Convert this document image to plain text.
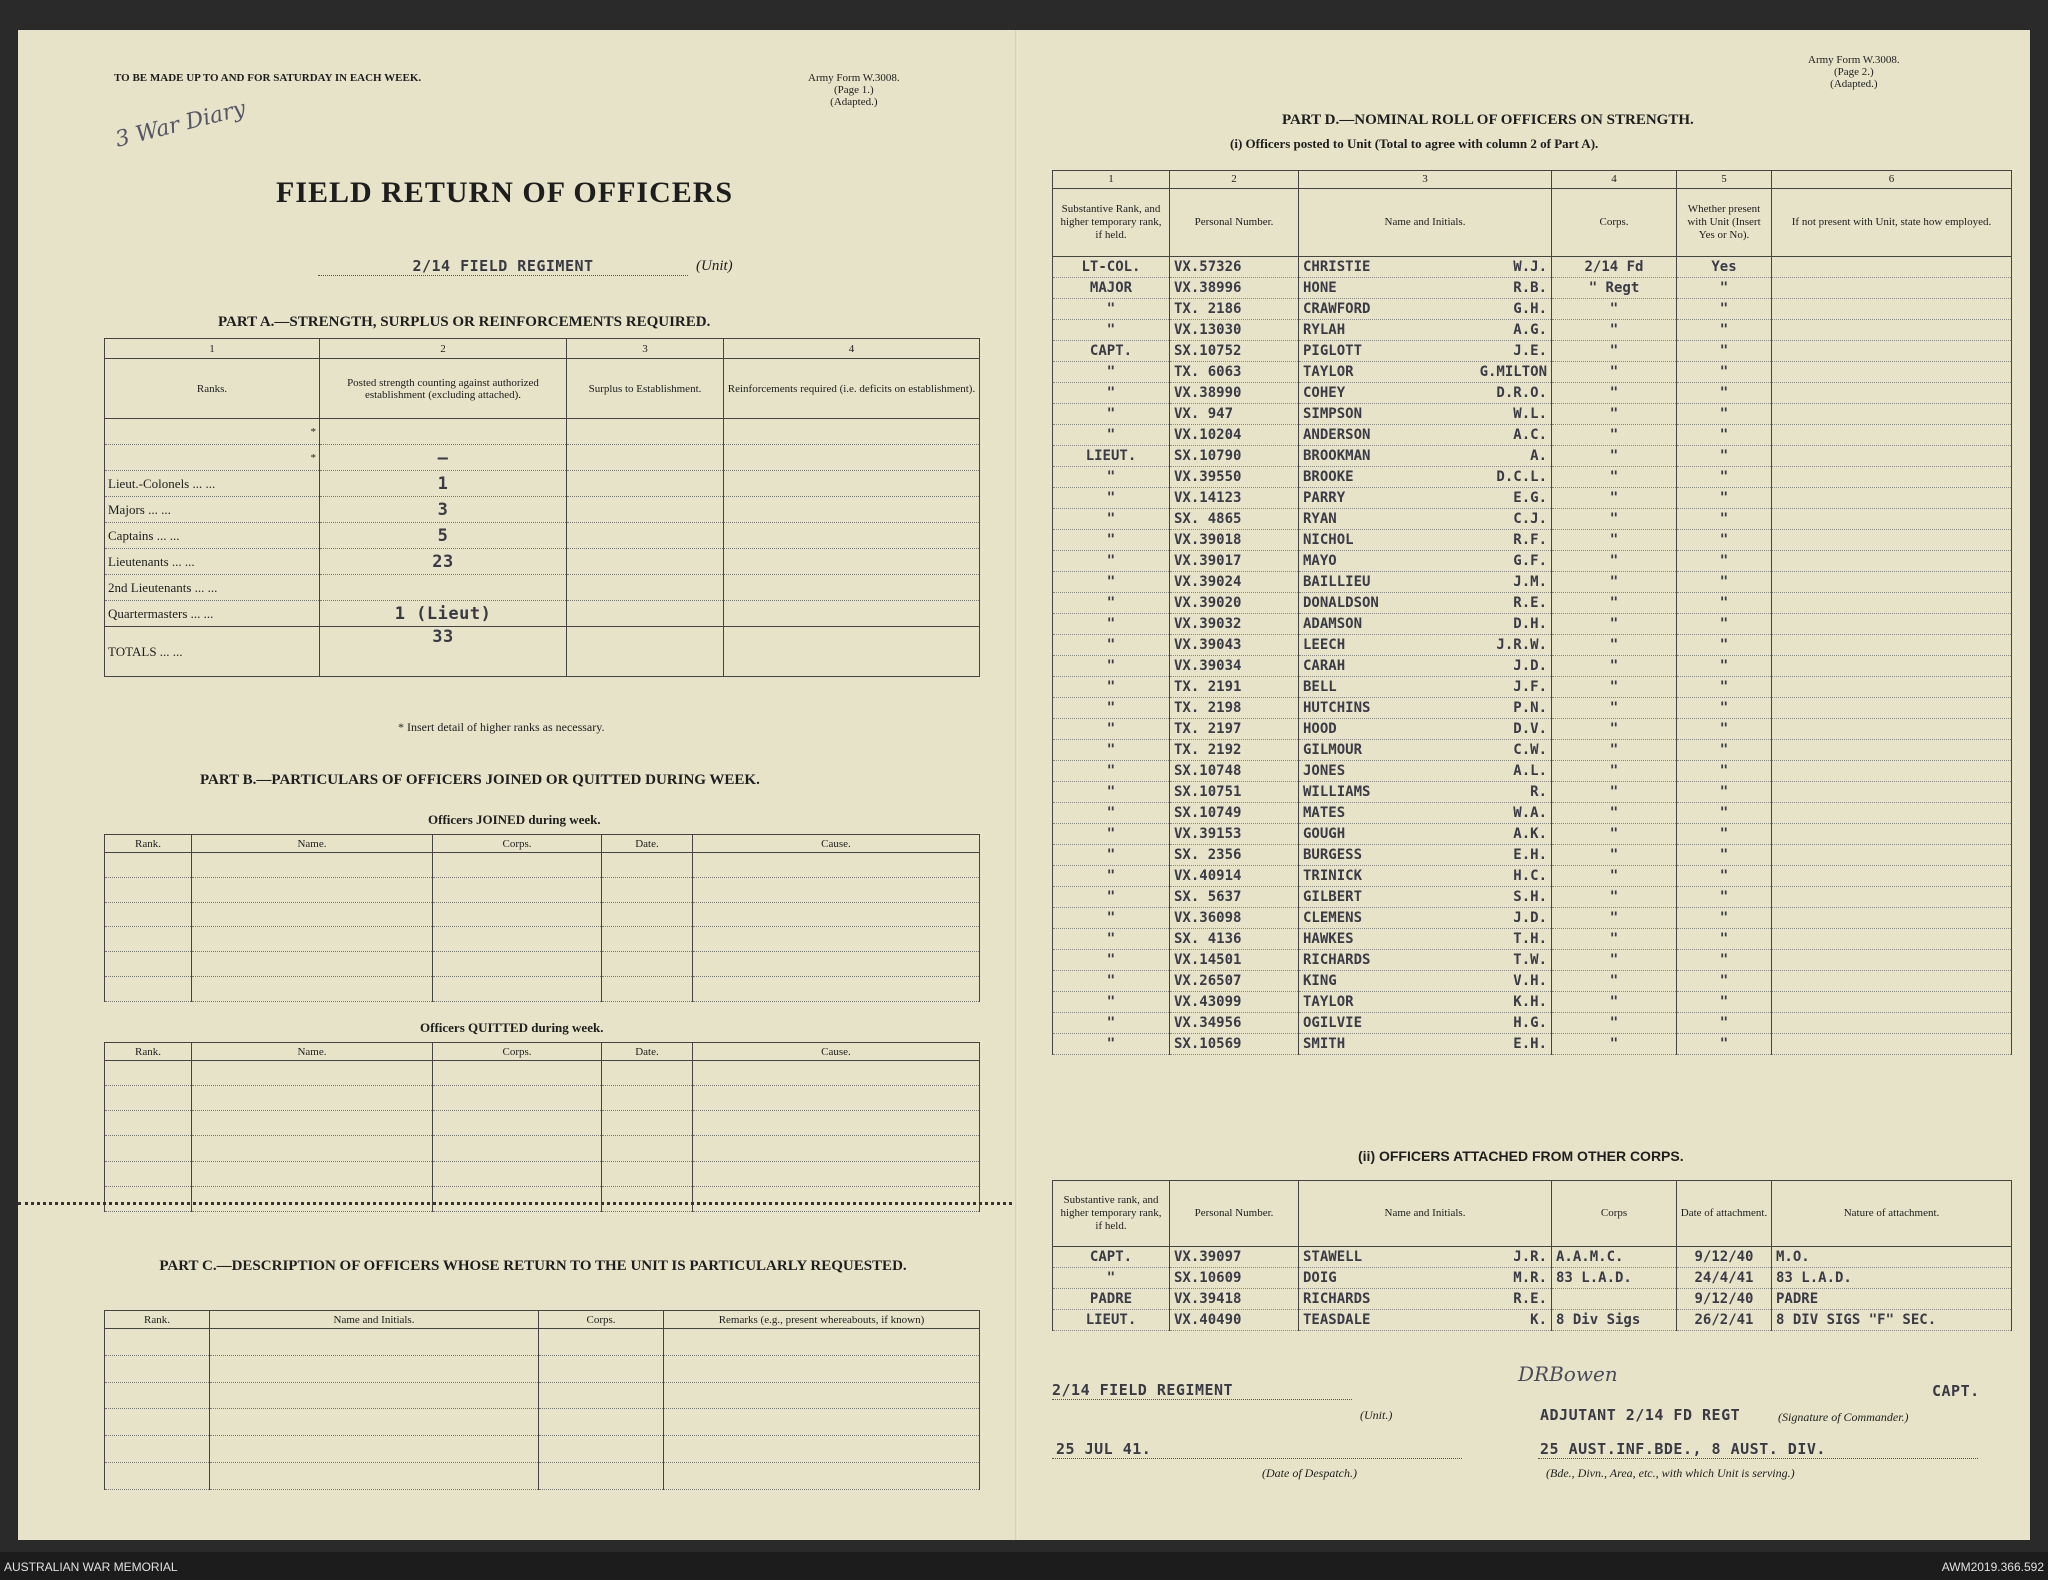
TO BE MADE UP TO AND FOR SATURDAY IN EACH WEEK.	Army Form W.3008.
(Page 1.)
(Adapted.)
3 War Diary
FIELD RETURN OF OFFICERS
2/14 FIELD REGIMENT	(Unit)
PART A.—STRENGTH, SURPLUS OR REINFORCEMENTS REQUIRED.
1	2	3	4
Ranks.	Posted strength counting against authorized establishment (excluding attached).	Surplus to Establishment.	Reinforcements required (i.e. deficits on establishment).
*			
*	–		
Lieut.-Colonels ... ...	1		
Majors ... ...	3		
Captains ... ...	5		
Lieutenants ... ...	23		
2nd Lieutenants ... ...			
Quartermasters ... ...	1 (Lieut)		
TOTALS ... ...	33		
* Insert detail of higher ranks as necessary.
PART B.—PARTICULARS OF OFFICERS JOINED OR QUITTED DURING WEEK.
Officers JOINED during week.
Rank.	Name.	Corps.	Date.	Cause.

Officers QUITTED during week.
Rank.	Name.	Corps.	Date.	Cause.

PART C.—DESCRIPTION OF OFFICERS WHOSE RETURN TO THE UNIT IS PARTICULARLY REQUESTED.
Rank.	Name and Initials.	Corps.	Remarks (e.g., present whereabouts, if known)

Army Form W.3008.
(Page 2.)
(Adapted.)
PART D.—NOMINAL ROLL OF OFFICERS ON STRENGTH.
(i) Officers posted to Unit (Total to agree with column 2 of Part A).
1	2	3	4	5	6
Substantive Rank, and higher temporary rank, if held.	Personal Number.	Name and Initials.	Corps.	Whether present with Unit (Insert Yes or No).	If not present with Unit, state how employed.
LT-COL.	VX.57326	CHRISTIE W.J.	2/14 Fd	Yes	
MAJOR	VX.38996	HONE R.B.	" Regt	"	
"	TX. 2186	CRAWFORD G.H.	"	"	
"	VX.13030	RYLAH A.G.	"	"	
CAPT.	SX.10752	PIGLOTT J.E.	"	"	
"	TX. 6063	TAYLOR G.MILTON	"	"	
"	VX.38990	COHEY D.R.O.	"	"	
"	VX. 947	SIMPSON W.L.	"	"	
"	VX.10204	ANDERSON A.C.	"	"	
LIEUT.	SX.10790	BROOKMAN A.	"	"	
"	VX.39550	BROOKE D.C.L.	"	"	
"	VX.14123	PARRY E.G.	"	"	
"	SX. 4865	RYAN C.J.	"	"	
"	VX.39018	NICHOL R.F.	"	"	
"	VX.39017	MAYO G.F.	"	"	
"	VX.39024	BAILLIEU J.M.	"	"	
"	VX.39020	DONALDSON R.E.	"	"	
"	VX.39032	ADAMSON D.H.	"	"	
"	VX.39043	LEECH J.R.W.	"	"	
"	VX.39034	CARAH J.D.	"	"	
"	TX. 2191	BELL J.F.	"	"	
"	TX. 2198	HUTCHINS P.N.	"	"	
"	TX. 2197	HOOD D.V.	"	"	
"	TX. 2192	GILMOUR C.W.	"	"	
"	SX.10748	JONES A.L.	"	"	
"	SX.10751	WILLIAMS R.	"	"	
"	SX.10749	MATES W.A.	"	"	
"	VX.39153	GOUGH A.K.	"	"	
"	SX. 2356	BURGESS E.H.	"	"	
"	VX.40914	TRINICK H.C.	"	"	
"	SX. 5637	GILBERT S.H.	"	"	
"	VX.36098	CLEMENS J.D.	"	"	
"	SX. 4136	HAWKES T.H.	"	"	
"	VX.14501	RICHARDS T.W.	"	"	
"	VX.26507	KING V.H.	"	"	
"	VX.43099	TAYLOR K.H.	"	"	
"	VX.34956	OGILVIE H.G.	"	"	
"	SX.10569	SMITH E.H.	"	"	
(ii) OFFICERS ATTACHED FROM OTHER CORPS.
Substantive rank, and higher temporary rank, if held.	Personal Number.	Name and Initials.	Corps	Date of attachment.	Nature of attachment.
CAPT.	VX.39097	STAWELL J.R.	A.A.M.C.	9/12/40	M.O.
"	SX.10609	DOIG M.R.	83 L.A.D.	24/4/41	83 L.A.D.
PADRE	VX.39418	RICHARDS R.E.		9/12/40	PADRE
LIEUT.	VX.40490	TEASDALE K.	8 Div Sigs	26/2/41	8 DIV SIGS "F" SEC.
2/14 FIELD REGIMENT
(Unit.)
DRBowen
CAPT.
ADJUTANT 2/14 FD REGT	(Signature of Commander.)
25 JUL 41.
(Date of Despatch.)
25 AUST.INF.BDE., 8 AUST. DIV.
(Bde., Divn., Area, etc., with which Unit is serving.)
AUSTRALIAN WAR MEMORIAL	AWM2019.366.592
